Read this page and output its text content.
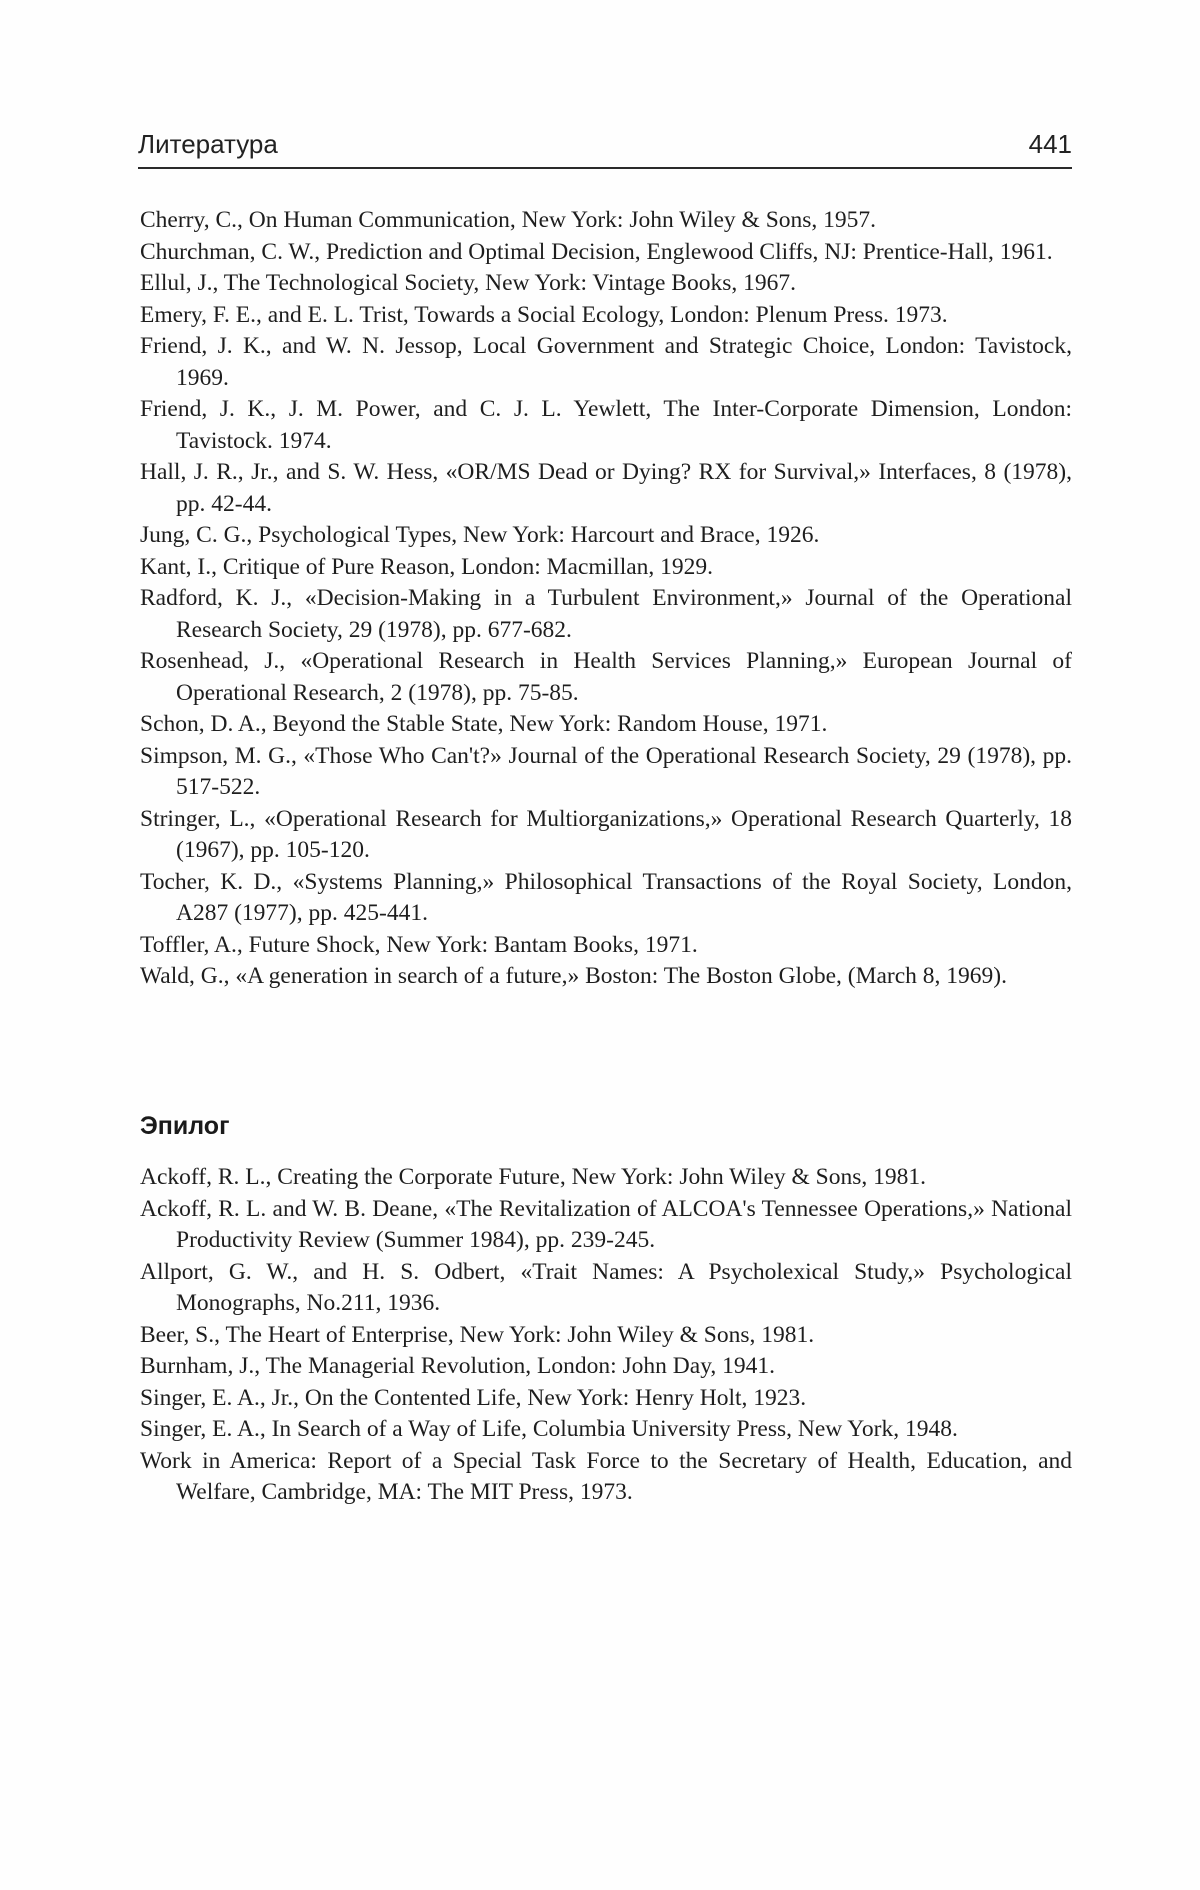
Литература	441

Cherry, C., On Human Communication, New York: John Wiley & Sons, 1957.

Churchman, C. W., Prediction and Optimal Decision, Englewood Cliffs, NJ: Prentice-Hall, 1961.

Ellul, J., The Technological Society, New York: Vintage Books, 1967.

Emery, F. E., and E. L. Trist, Towards a Social Ecology, London: Plenum Press. 1973.

Friend, J. K., and W. N. Jessop, Local Government and Strategic Choice, London: Tavistock, 1969.

Friend, J. K., J. M. Power, and C. J. L. Yewlett, The Inter-Corporate Dimension, London: Tavistock. 1974.

Hall, J. R., Jr., and S. W. Hess, «OR/MS Dead or Dying? RX for Survival,» Interfaces, 8 (1978), pp. 42-44.

Jung, C. G., Psychological Types, New York: Harcourt and Brace, 1926.

Kant, I., Critique of Pure Reason, London: Macmillan, 1929.

Radford, K. J., «Decision-Making in a Turbulent Environment,» Journal of the Operational Research Society, 29 (1978), pp. 677-682.

Rosenhead, J., «Operational Research in Health Services Planning,» European Journal of Operational Research, 2 (1978), pp. 75-85.

Schon, D. A., Beyond the Stable State, New York: Random House, 1971.

Simpson, M. G., «Those Who Can't?» Journal of the Operational Research Society, 29 (1978), pp. 517-522.

Stringer, L., «Operational Research for Multiorganizations,» Operational Research Quarterly, 18 (1967), pp. 105-120.

Tocher, K. D., «Systems Planning,» Philosophical Transactions of the Royal Society, London, A287 (1977), pp. 425-441.

Toffler, A., Future Shock, New York: Bantam Books, 1971.

Wald, G., «A generation in search of a future,» Boston: The Boston Globe, (March 8, 1969).

Эпилог

Ackoff, R. L., Creating the Corporate Future, New York: John Wiley & Sons, 1981.

Ackoff, R. L. and W. B. Deane, «The Revitalization of ALCOA's Tennessee Operations,» National Productivity Review (Summer 1984), pp. 239-245.

Allport, G. W., and H. S. Odbert, «Trait Names: A Psycholexical Study,» Psychological Monographs, No.211, 1936.

Beer, S., The Heart of Enterprise, New York: John Wiley & Sons, 1981.

Burnham, J., The Managerial Revolution, London: John Day, 1941.

Singer, E. A., Jr., On the Contented Life, New York: Henry Holt, 1923.

Singer, E. A., In Search of a Way of Life, Columbia University Press, New York, 1948.

Work in America: Report of a Special Task Force to the Secretary of Health, Education, and Welfare, Cambridge, MA: The MIT Press, 1973.
